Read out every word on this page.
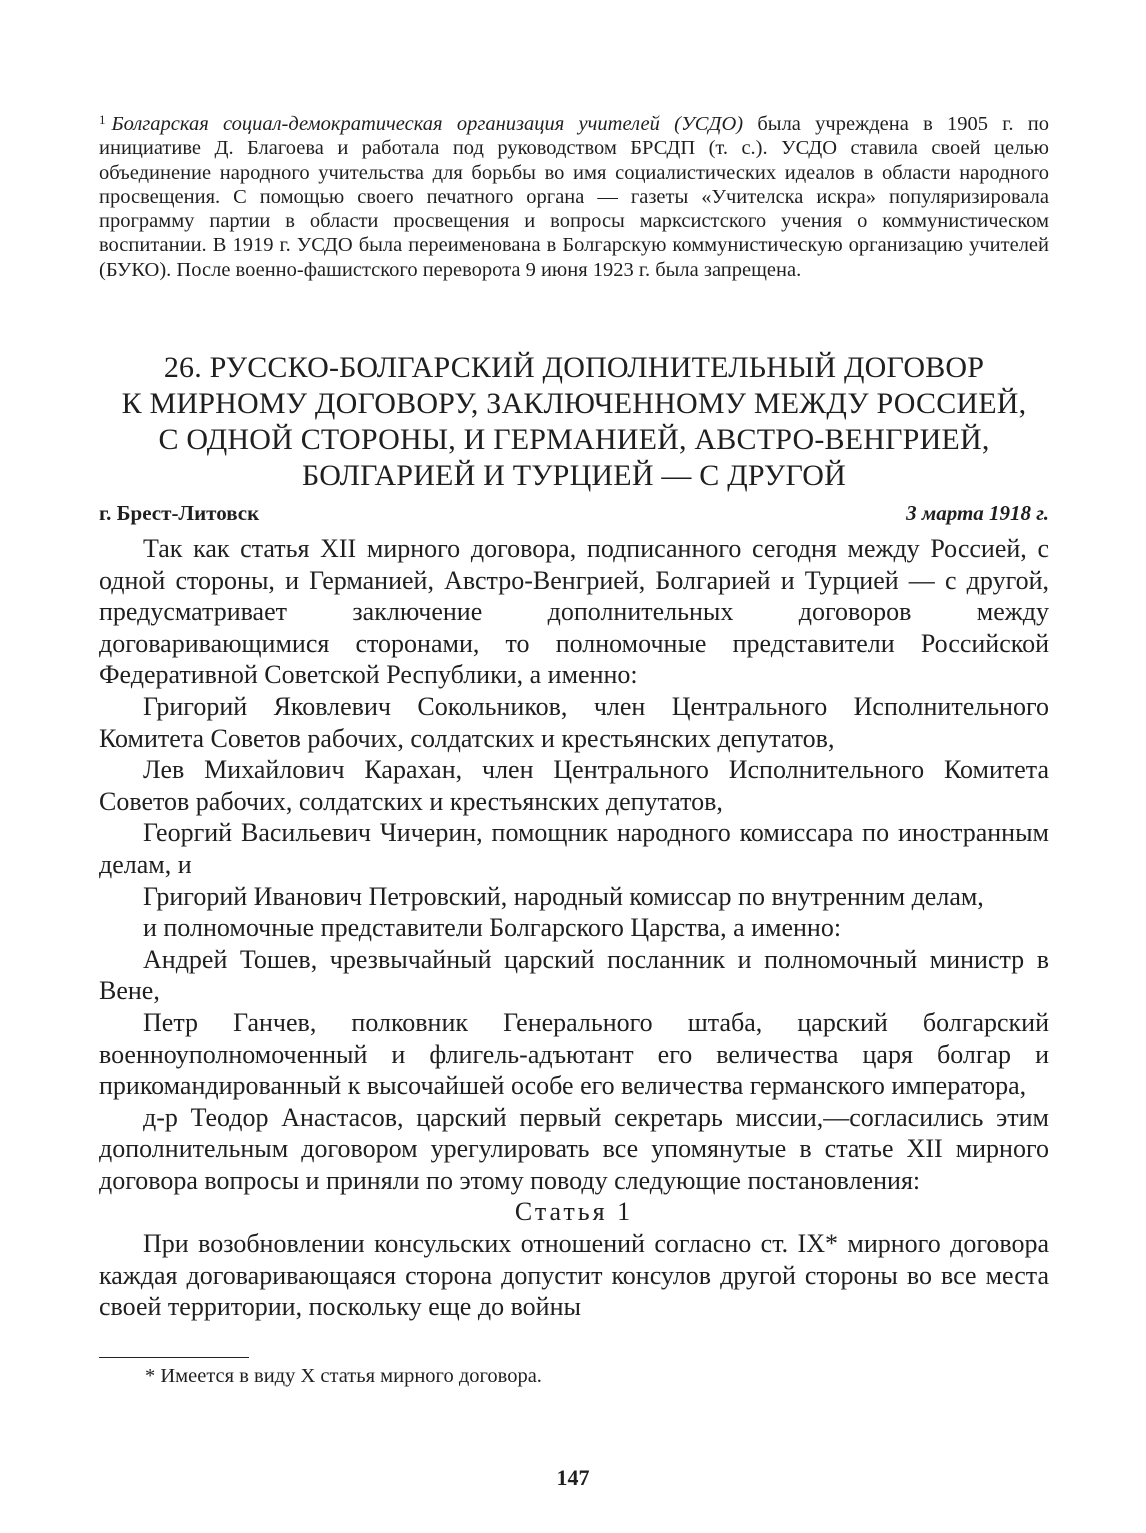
$^1$ Болгарская социал-демократическая организация учителей (УСДО) была учреждена в 1905 г. по инициативе Д. Благоева и работала под руководством БРСДП (т. с.). УСДО ставила своей целью объединение народного учительства для борьбы во имя социалистических идеалов в области народного просвещения. С помощью своего печатного органа — газеты «Учителска искра» популяризировала программу партии в области просвещения и вопросы марксистского учения о коммунистическом воспитании. В 1919 г. УСДО была переименована в Болгарскую коммунистическую организацию учителей (БУКО). После военно-фашистского переворота 9 июня 1923 г. была запрещена.
26. РУССКО-БОЛГАРСКИЙ ДОПОЛНИТЕЛЬНЫЙ ДОГОВОР
К МИРНОМУ ДОГОВОРУ, ЗАКЛЮЧЕННОМУ МЕЖДУ РОССИЕЙ,
С ОДНОЙ СТОРОНЫ, И ГЕРМАНИЕЙ, АВСТРО-ВЕНГРИЕЙ,
БОЛГАРИЕЙ И ТУРЦИЕЙ — С ДРУГОЙ
г. Брест-Литовск	3 марта 1918 г.

Так как статья XII мирного договора, подписанного сегодня между Россией, с одной стороны, и Германией, Австро-Венгрией, Болгарией и Турцией — с другой, предусматривает заключение дополнительных договоров между договаривающимися сторонами, то полномочные представители Российской Федеративной Советской Республики, а именно:

Григорий Яковлевич Сокольников, член Центрального Исполнительного Комитета Советов рабочих, солдатских и крестьянских депутатов,

Лев Михайлович Карахан, член Центрального Исполнительного Комитета Советов рабочих, солдатских и крестьянских депутатов,

Георгий Васильевич Чичерин, помощник народного комиссара по иностранным делам, и

Григорий Иванович Петровский, народный комиссар по внутренним делам,

и полномочные представители Болгарского Царства, а именно:

Андрей Тошев, чрезвычайный царский посланник и полномочный министр в Вене,

Петр Ганчев, полковник Генерального штаба, царский болгарский военноуполномоченный и флигель-адъютант его величества царя болгар и прикомандированный к высочайшей особе его величества германского императора,

д-р Теодор Анастасов, царский первый секретарь миссии,—согласились этим дополнительным договором урегулировать все упомянутые в статье XII мирного договора вопросы и приняли по этому поводу следующие постановления:

Статья 1

При возобновлении консульских отношений согласно ст. IX* мирного договора каждая договаривающаяся сторона допустит консулов другой стороны во все места своей территории, поскольку еще до войны

* Имеется в виду X статья мирного договора.
147
